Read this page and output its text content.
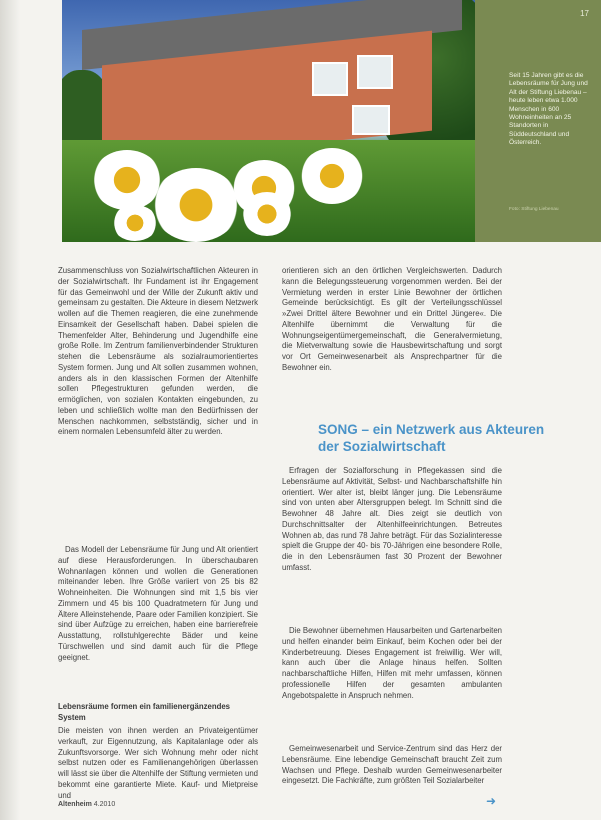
17
Seit 15 Jahren gibt es die Lebensräume für Jung und Alt der Stiftung Liebenau – heute leben etwa 1.000 Menschen in 600 Wohneinheiten an 25 Standorten in Süddeutschland und Österreich.
Foto: Stiftung Liebenau

Zusammenschluss von Sozialwirtschaftlichen Akteuren in der Sozialwirtschaft. Ihr Fundament ist ihr Engagement für das Gemeinwohl und der Wille der Zukunft aktiv und gemeinsam zu gestalten. Die Akteure in diesem Netzwerk wollen auf die Themen reagieren, die eine zunehmende Einsamkeit der Gesellschaft haben. Dabei spielen die Themenfelder Alter, Behinderung und Jugendhilfe eine große Rolle. Im Zentrum familienverbindender Strukturen stehen die Lebensräume als sozialraumorientiertes System formen. Jung und Alt sollen zusammen wohnen, anders als in den klassischen Formen der Altenhilfe sollen Pflegestrukturen gefunden werden, die ermöglichen, von sozialen Kontakten eingebunden, zu leben und schließlich wollte man den Bedürfnissen der Menschen nachkommen, selbstständig, sicher und in einem normalen Lebensumfeld älter zu werden.

Das Modell der Lebensräume für Jung und Alt orientiert auf diese Herausforderungen. In überschaubaren Wohnanlagen können und wollen die Generationen miteinander leben. Ihre Größe variiert von 25 bis 82 Wohneinheiten. Die Wohnungen sind mit 1,5 bis vier Zimmern und 45 bis 100 Quadratmetern für Jung und Ältere Alleinstehende, Paare oder Familien konzipiert. Sie sind über Aufzüge zu erreichen, haben eine barrierefreie Ausstattung, rollstuhlgerechte Bäder und keine Türschwellen und sind damit auch für die Pflege geeignet.

Lebensräume formen ein familienergänzendes System

Die meisten von ihnen werden an Privateigentümer verkauft, zur Eigennutzung, als Kapitalanlage oder als Zukunftsvorsorge. Wer sich Wohnung mehr oder nicht selbst nutzen oder es Familienangehörigen überlassen will lässt sie über die Altenhilfe der Stiftung vermieten und bekommt eine garantierte Miete. Kauf- und Mietpreise und

orientieren sich an den örtlichen Vergleichswerten. Dadurch kann die Belegungssteuerung vorgenommen werden. Bei der Vermietung werden in erster Linie Bewohner der örtlichen Gemeinde berücksichtigt. Es gilt der Verteilungsschlüssel »Zwei Drittel ältere Bewohner und ein Drittel Jüngere«. Die Altenhilfe übernimmt die Verwaltung für die Wohnungseigentümergemeinschaft, die Generalvermietung, die Mietverwaltung sowie die Hausbewirtschaftung und sorgt vor Ort Gemeinwesenarbeit als Ansprechpartner für die Bewohner ein.

SONG – ein Netzwerk aus Akteuren der Sozialwirtschaft

Erfragen der Sozialforschung in Pflegekassen sind die Lebensräume auf Aktivität, Selbst- und Nachbarschaftshilfe hin orientiert. Wer alter ist, bleibt länger jung. Die Lebensräume sind von unten aber Altersgruppen belegt. Im Schnitt sind die Bewohner 48 Jahre alt. Dies zeigt sie deutlich von Durchschnittsalter der Altenhilfeeinrichtungen. Betreutes Wohnen ab, das rund 78 Jahre beträgt. Für das Sozialinteresse spielt die Gruppe der 40- bis 70-Jährigen eine besondere Rolle, die in den Lebensräumen fast 30 Prozent der Bewohner umfasst.

Die Bewohner übernehmen Hausarbeiten und Gartenarbeiten und helfen einander beim Einkauf, beim Kochen oder bei der Kinderbetreuung. Dieses Engagement ist freiwillig. Wer will, kann auch über die Anlage hinaus helfen. Sollten nachbarschaftliche Hilfen, Hilfen mit mehr umfassen, können professionelle Hilfen der gesamten ambulanten Angebotspalette in Anspruch nehmen.

Gemeinwesenarbeit und Service-Zentrum sind das Herz der Lebensräume. Eine lebendige Gemeinschaft braucht Zeit zum Wachsen und Pflege. Deshalb wurden Gemeinwesenarbeiter eingesetzt. Die Fachkräfte, zum größten Teil Sozialarbeiter

➜
Altenheim 4.2010
